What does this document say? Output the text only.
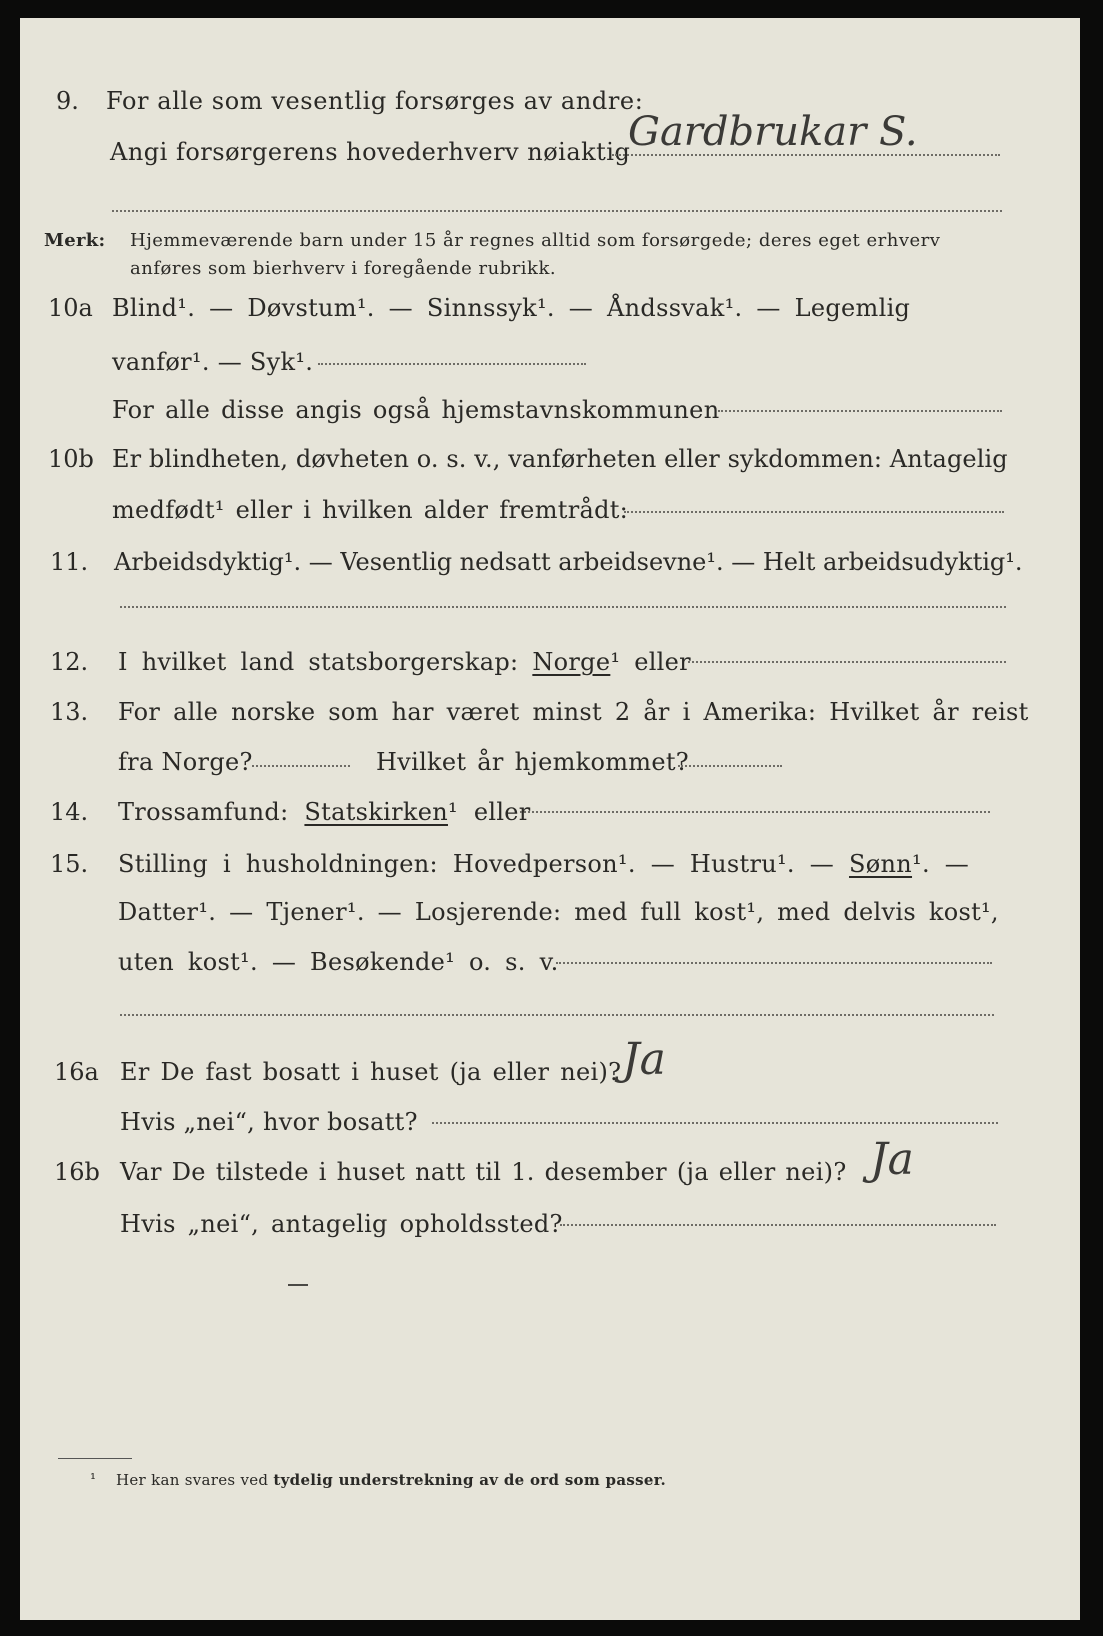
9. For alle som vesentlig forsørges av andre:
Angi forsørgerens hovederhverv nøiaktig
Gardbrukar S.
Merk: Hjemmeværende barn under 15 år regnes alltid som forsørgede; deres eget erhverv
anføres som bierhverv i foregående rubrikk.
10a Blind¹. — Døvstum¹. — Sinnssyk¹. — Åndssvak¹. — Legemlig
vanfør¹. — Syk¹.
For alle disse angis også hjemstavnskommunen
10b Er blindheten, døvheten o. s. v., vanførheten eller sykdommen: Antagelig
medfødt¹ eller i hvilken alder fremtrådt:
11. Arbeidsdyktig¹. — Vesentlig nedsatt arbeidsevne¹. — Helt arbeidsudyktig¹.
12. I hvilket land statsborgerskap: Norge¹ eller
13. For alle norske som har været minst 2 år i Amerika: Hvilket år reist
fra Norge?	Hvilket år hjemkommet?
14. Trossamfund: Statskirken¹ eller
15. Stilling i husholdningen: Hovedperson¹. — Hustru¹. — Sønn¹. —
Datter¹. — Tjener¹. — Losjerende: med full kost¹, med delvis kost¹,
uten kost¹. — Besøkende¹ o. s. v.
16a Er De fast bosatt i huset (ja eller nei)? Ja
Hvis „nei“, hvor bosatt?
16b Var De tilstede i huset natt til 1. desember (ja eller nei)? Ja
Hvis „nei“, antagelig opholdssted?
¹ Her kan svares ved tydelig understrekning av de ord som passer.
